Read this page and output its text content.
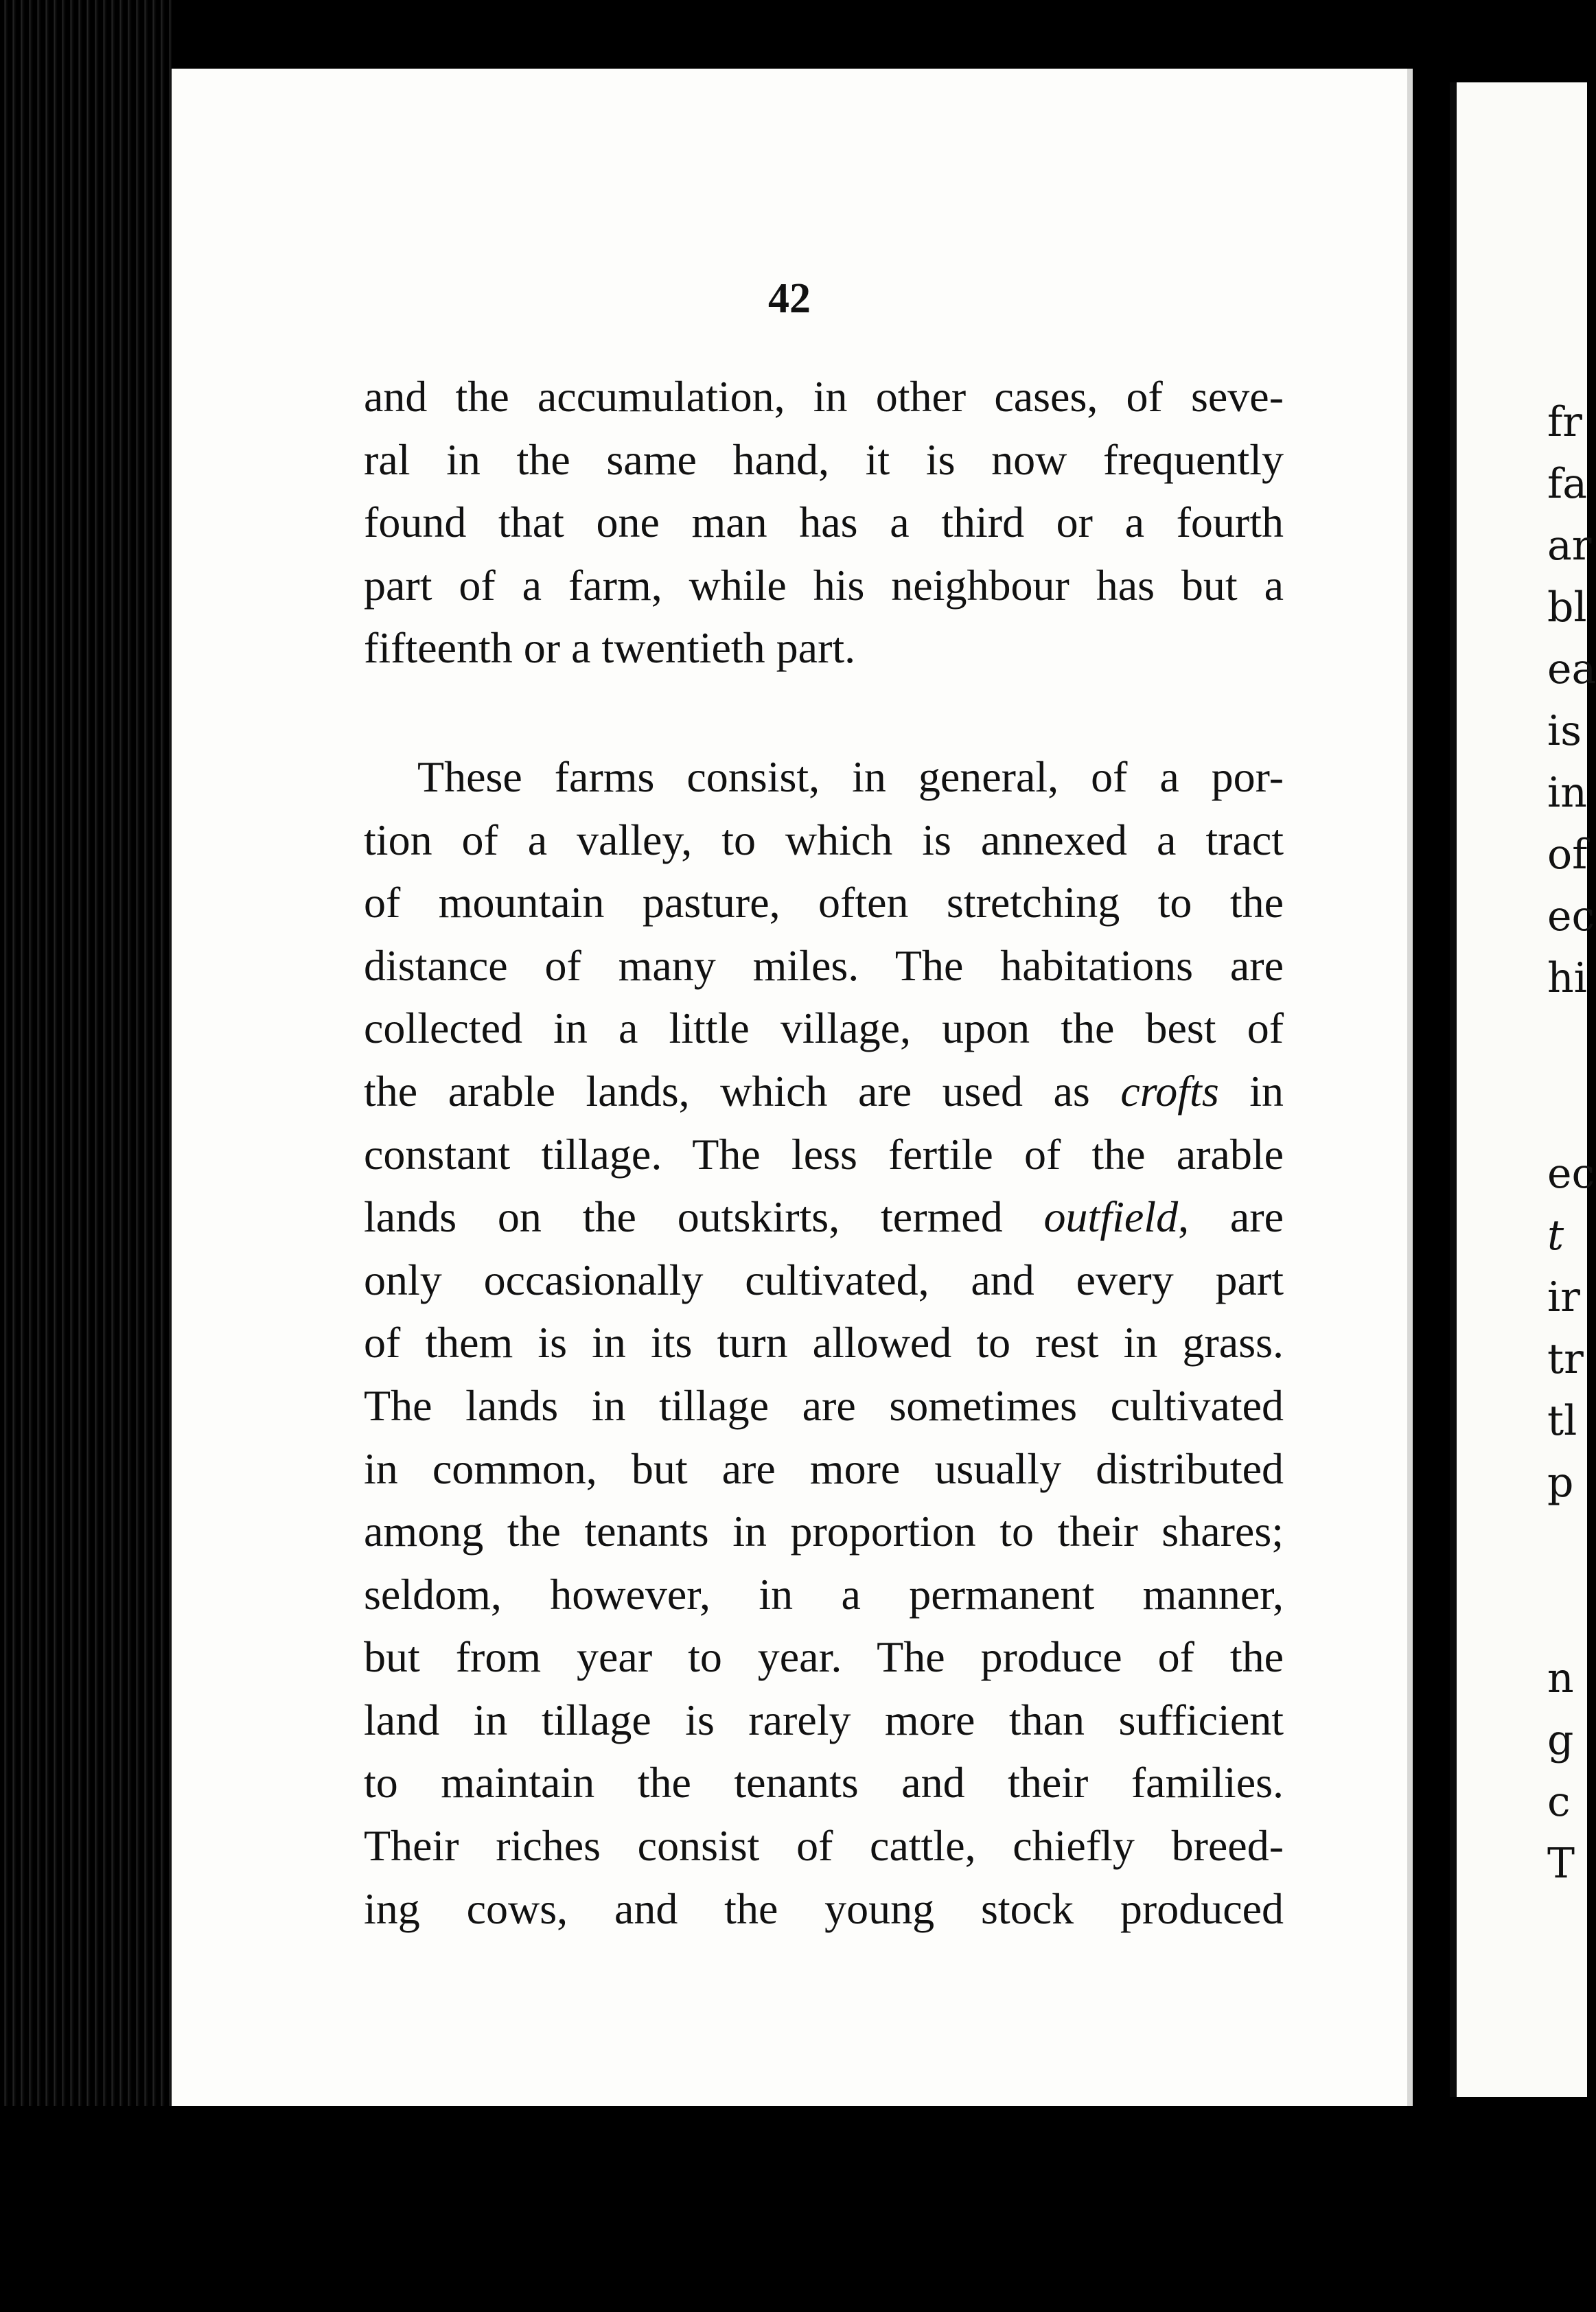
42
and the accumulation, in other cases, of seve-
ral in the same hand, it is now frequently
found that one man has a third or a fourth
part of a farm, while his neighbour has but a
fifteenth or a twentieth part.
These farms consist, in general, of a por-
tion of a valley, to which is annexed a tract
of mountain pasture, often stretching to the
distance of many miles. The habitations are
collected in a little village, upon the best of
the arable lands, which are used as crofts in
constant tillage. The less fertile of the arable
lands on the outskirts, termed outfield, are
only occasionally cultivated, and every part
of them is in its turn allowed to rest in grass.
The lands in tillage are sometimes cultivated
in common, but are more usually distributed
among the tenants in proportion to their shares;
seldom, however, in a permanent manner,
but from year to year. The produce of the
land in tillage is rarely more than sufficient
to maintain the tenants and their families.
Their riches consist of cattle, chiefly breed-
ing cows, and the young stock produced
fr
fa
ar
bl
ea
is
in
of
ec
hi
ec
t
ir
tr
tl
p
n
g
c
T
